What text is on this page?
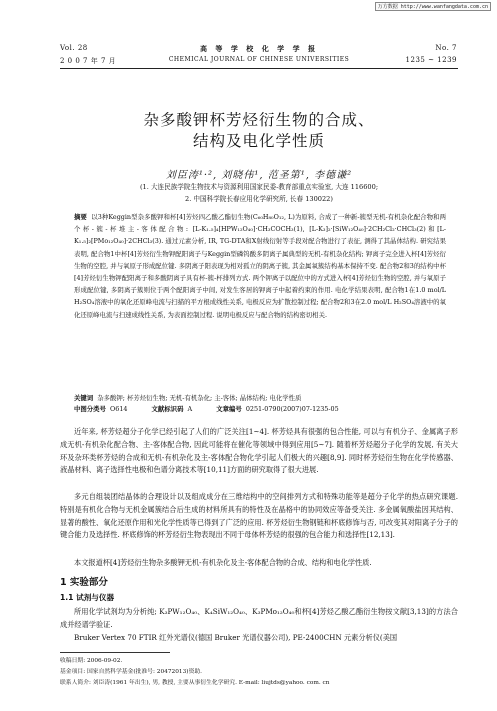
万方数据 http://www.wanfangdata.com.cn
Vol. 28
2 0 0 7 年 7 月
高 等 学 校 化 学 学 报
CHEMICAL JOURNAL OF CHINESE UNIVERSITIES
No. 7
1235 ~ 1239
杂多酸钾杯芳烃衍生物的合成、
结构及电化学性质
刘臣涛¹·², 刘晓伟¹, 范圣第¹, 李德谦²
(1. 大连民族学院生物技术与资源利用国家民委-教育部重点实验室, 大连 116600;
2. 中国科学院长春应用化学研究所, 长春 130022)
摘要 以3种Keggin型杂多酸钾和杯[4]芳烃四乙酸乙酯衍生物(C₆₀H₈₀O₁₂, L)为原料, 合成了一种新-簇型无机-有机杂化配合物和两个杯-簇-杯堆主-客体配合物: [L-K₁.₅]₄[HPW₁₂O₄₀]·CH₃COCH₃(1), [L-K₃]₂·[SiW₁₂O₄₀]·2CH₂Cl₂·CHCl₃(2)和[L-K₁.₅]₂[PMo₁₂O₄₀]·2CHCl₃(3). 通过元素分析, IR, TG-DTA和X射线衍射等手段对配合物进行了表征, 测得了其晶体结构. 研究结果表明, 配合物1中杯[4]芳烃衍生物钾配阳离子与Keggin型磷钨酸多阴离子属典型的无机-有机杂化结构; 钾离子完全进入杯[4]芳烃衍生物的空腔, 并与氧原子形成配位键. 多阴离子阳表现为相对孤立的阴离子簇, 其金属氧簇结构基本保持不变. 配合物2和3的结构中杯[4]芳烃衍生物钾配阳离子和多酸阴离子具有杯-簇-杯排列方式. 两个钾离子以配位中的方式进入杯[4]芳烃衍生物的空腔, 并与氧原子形成配位键, 多阴离子簇则位于两个配阳离子中间, 对发生客居的钾离子中起着约束的作用. 电化学结果表明, 配合物1在1.0 mol/L H₂SO₄溶液中的氧化还原峰电流与扫描的平方根成线性关系, 电极反应为扩散控制过程; 配合物2和3在2.0 mol/L H₂SO₄溶液中的氧化还原峰电流与扫速成线性关系, 为表面控制过程. 说明电极反应与配合物的结构密切相关.
关键词 杂多酸钾; 杯芳烃衍生物; 无机-有机杂化; 主-客体; 晶体结构; 电化学性质
中图分类号 O614	文献标识码 A	文章编号 0251-0790(2007)07-1235-05
近年来, 杯芳烃超分子化学已经引起了人们的广泛关注[1~4]. 杯芳烃具有很强的包合性能, 可以与有机分子、金属离子形成无机-有机杂化配合物、主-客体配合物, 因此可能将在催化等领域中得到应用[5~7]. 随着杯芳烃超分子化学的发展, 有关大环及杂环类杯芳烃的合成和无机-有机杂化及主-客体配合物化学引起人们极大的兴趣[8,9]. 同时杯芳烃衍生物在化学传感器、液晶材料、离子选择性电极和色谱分离技术等[10,11]方面的研究取得了很大进展.
多元自组装团结晶体的合理设计以及组成成分在三维结构中的空间排列方式和特殊功能等是超分子化学的热点研究课题. 特别是有机化合物与无机金属簇结合后生成的材料所具有的特性及在晶格中的协同效应等备受关注. 多金属氧酸盐因其结构、显著的酸性、氧化还原作用和光化学性质等已得到了广泛的应用. 杯芳烃衍生物钢链和杯底修饰与否, 可改变其对阳离子分子的键合能力及选择性. 杯底修饰的杯芳烃衍生物表现出不同于母体杯芳烃的很强的包合能力和选择性[12,13].
本文报道杯[4]芳烃衍生物杂多酸钾无机-有机杂化及主-客体配合物的合成、结构和电化学性质.
1 实验部分
1.1 试剂与仪器
所用化学试剂均为分析纯; K₃PW₁₂O₄₀、K₄SiW₁₂O₄₀、K₃PMo₁₂O₄₀和杯[4]芳烃乙酸乙酯衍生物按文献[3,13]的方法合成并经谱学验证.
Bruker Vertex 70 FTIR 红外光谱仪(德国 Bruker 光谱仪器公司), PE-2400CHN 元素分析仪(美国
收稿日期: 2006-09-02.
基金项目: 国家自然科学基金(批准号: 20472013)资助.
联系人简介: 刘臣涛(1961 年出生), 男, 教授, 主要从事衍生化学研究. E-mail: liujtds@yahoo. com. cn
